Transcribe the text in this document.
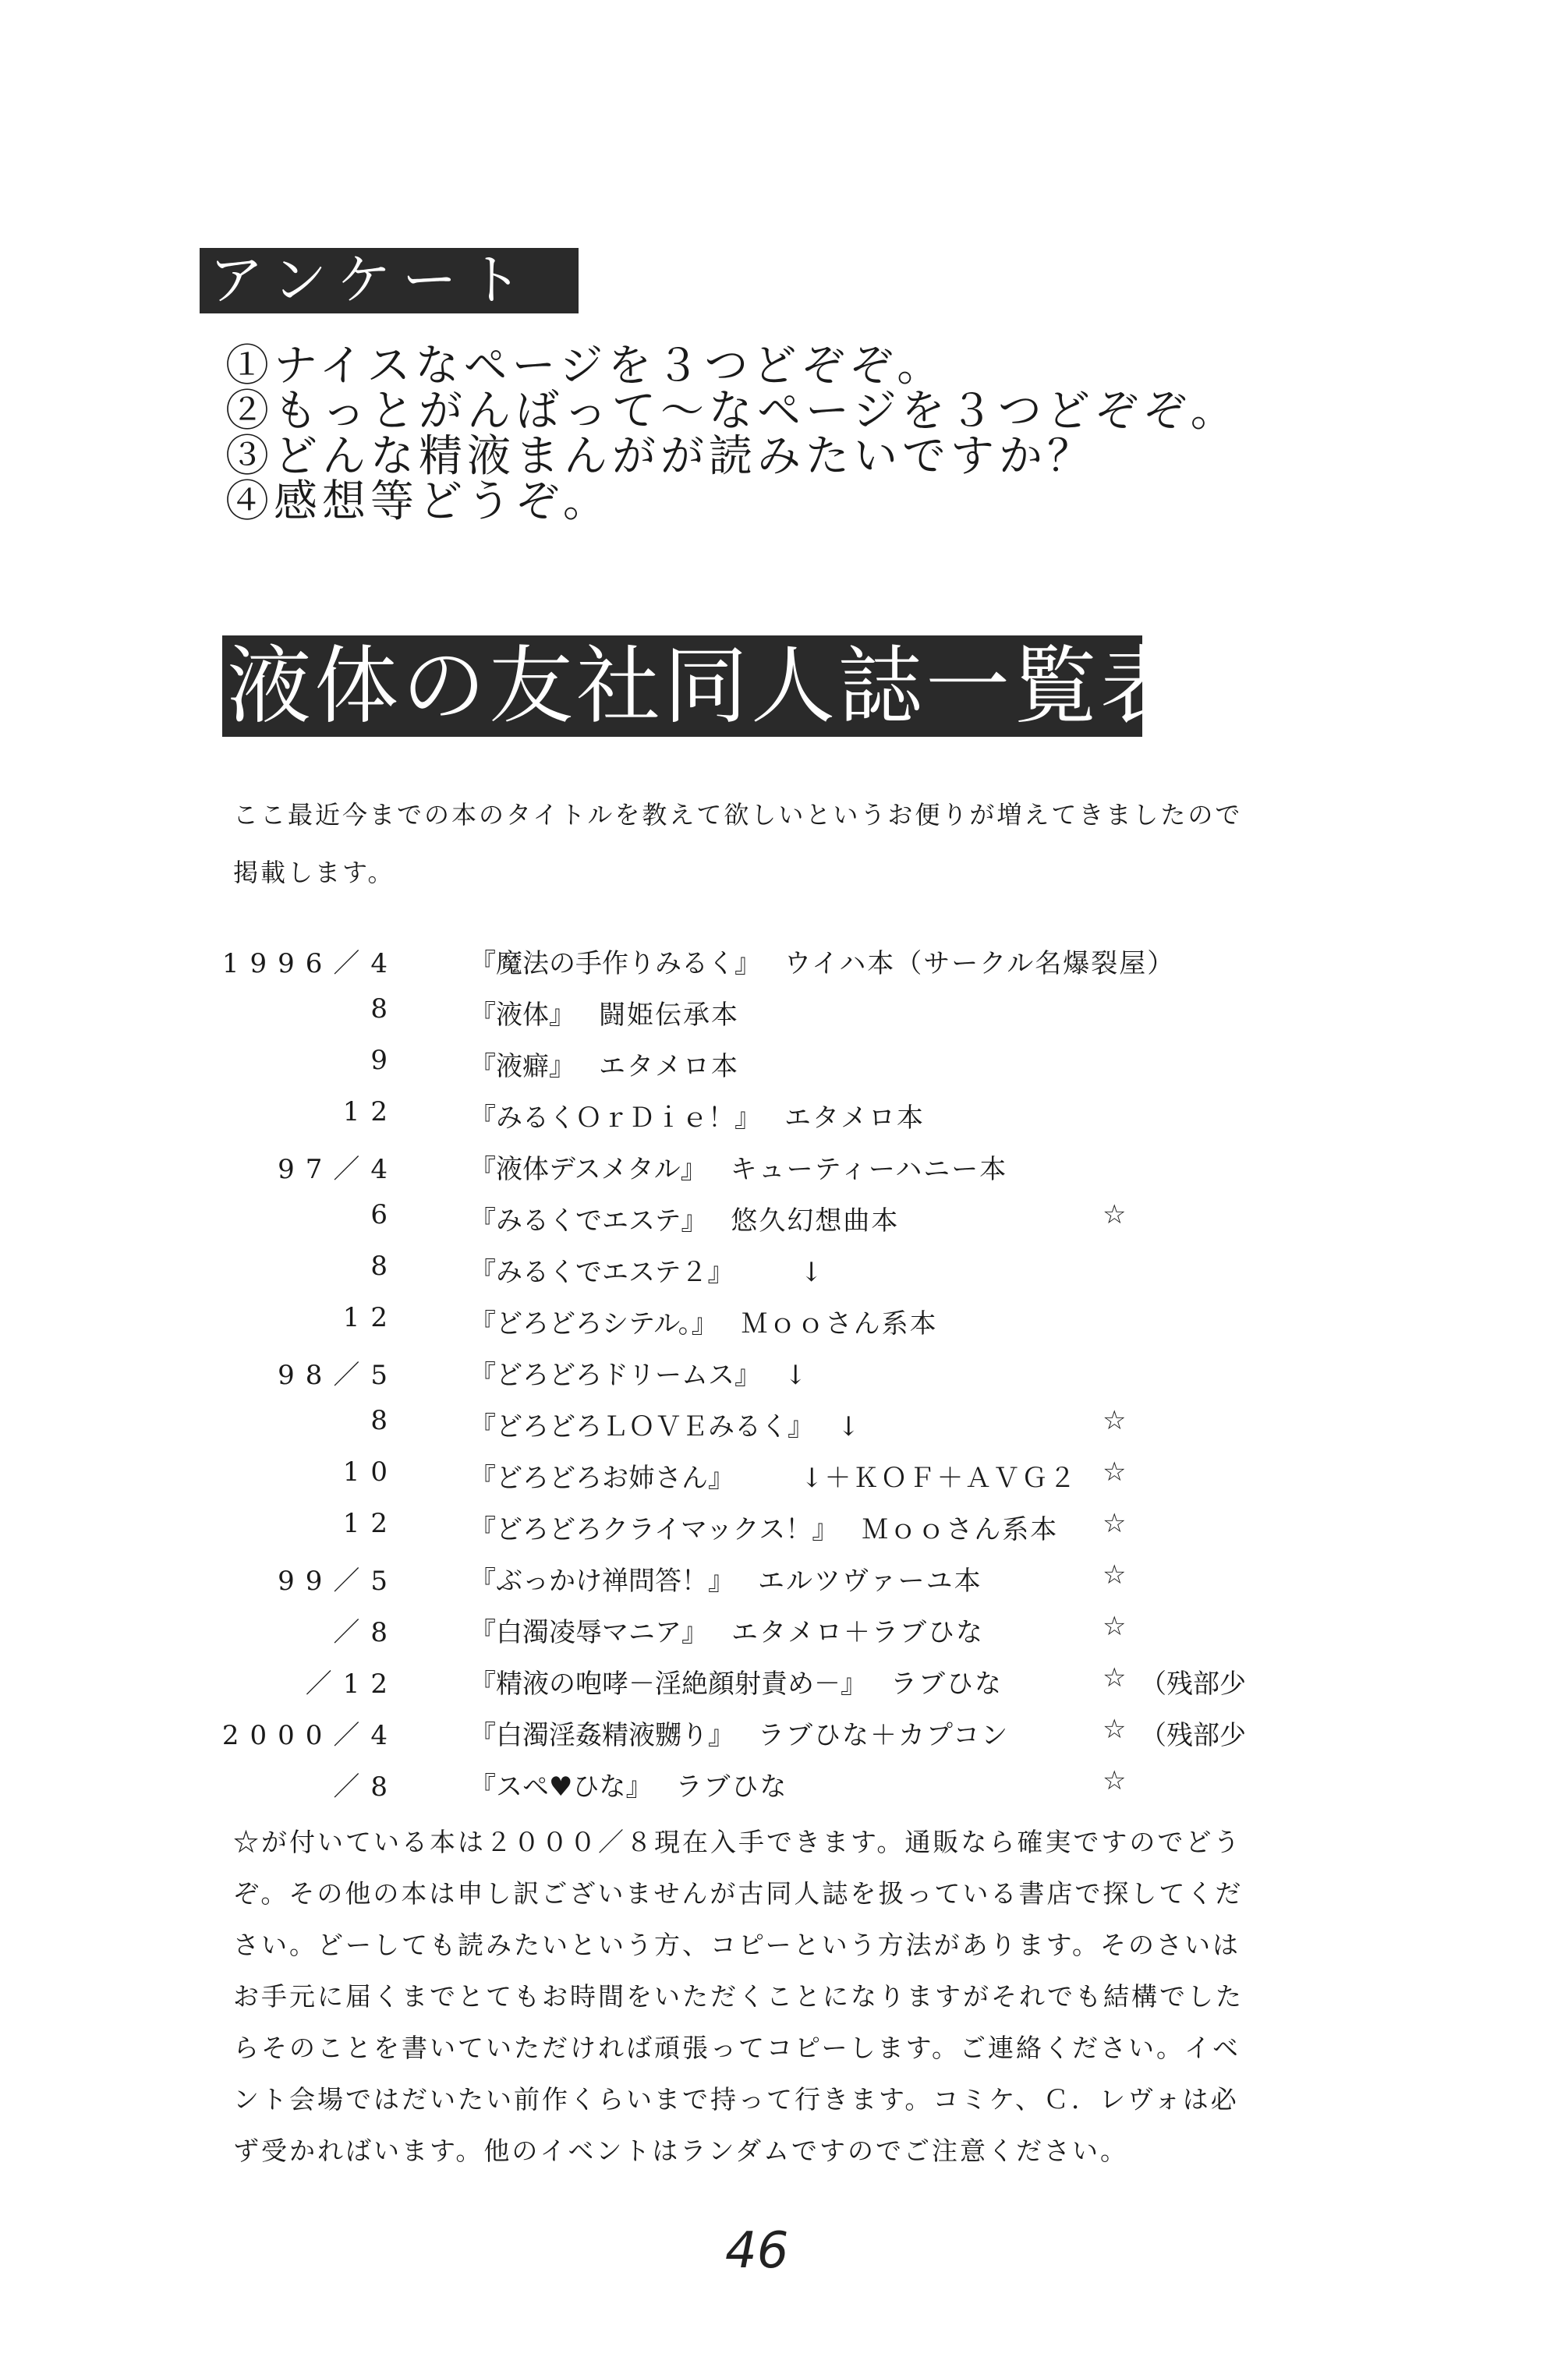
アンケート
①ナイスなページを３つどぞぞ。
②もっとがんばって〜なページを３つどぞぞ。
③どんな精液まんがが読みたいですか？
④感想等どうぞ。
液体の友社同人誌一覧表
ここ最近今までの本のタイトルを教えて欲しいというお便りが増えてきましたので掲載します。
1996／4	『魔法の手作りみるく』 ウイハ本（サークル名爆裂屋）
8	『液体』 闘姫伝承本
9	『液癖』 エタメロ本
12	『みるくＯｒＤｉｅ！』 エタメロ本
97／4	『液体デスメタル』 キューティーハニー本
6	『みるくでエステ』 悠久幻想曲本	☆
8	『みるくでエステ２』　　↓
12	『どろどろシテル。』 Ｍｏｏさん系本
98／5	『どろどろドリームス』 ↓
8	『どろどろＬＯＶＥみるく』 ↓	☆
10	『どろどろお姉さん』　　↓＋ＫＯＦ＋ＡＶＧ２ ☆
12	『どろどろクライマックス！』 Ｍｏｏさん系本 ☆
99／5	『ぶっかけ禅問答！』 エルツヴァーユ本	☆
／8	『白濁凌辱マニア』 エタメロ＋ラブひな	☆
／12	『精液の咆哮－淫絶顔射責め－』 ラブひな	☆ （残部少
2000／4	『白濁淫姦精液嬲り』 ラブひな＋カプコン	☆ （残部少
／8	『スペ♥ひな』 ラブひな	☆
☆が付いている本は２０００／８現在入手できます。通販なら確実ですのでどうぞ。その他の本は申し訳ございませんが古同人誌を扱っている書店で探してください。どーしても読みたいという方、コピーという方法があります。そのさいはお手元に届くまでとてもお時間をいただくことになりますがそれでも結構でしたらそのことを書いていただければ頑張ってコピーします。ご連絡ください。イベント会場ではだいたい前作くらいまで持って行きます。コミケ、Ｃ．レヴォは必ず受かればいます。他のイベントはランダムですのでご注意ください。
46
